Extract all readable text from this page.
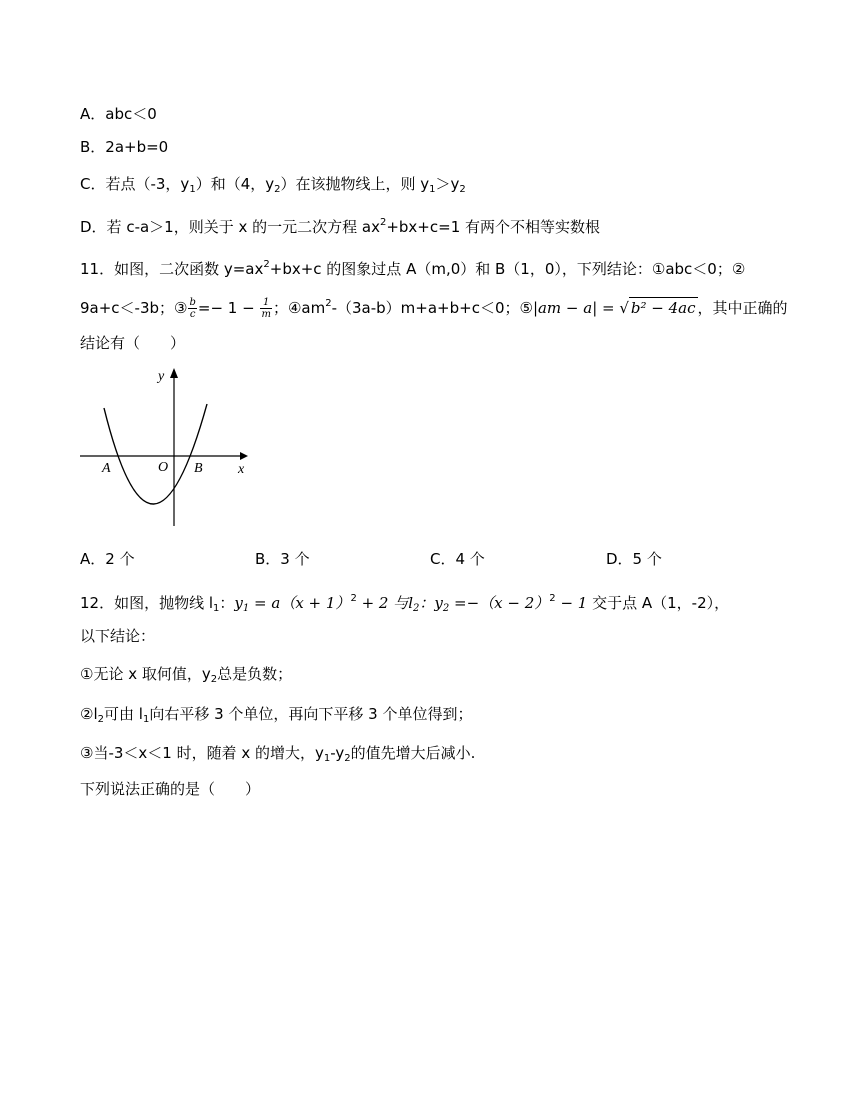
A．abc＜0
B．2a+b=0
C．若点（-3，$y_1$）和（4，$y_2$）在该抛物线上，则 $y_1>y_2$
D．若 c-a＞1，则关于 x 的一元二次方程 $ax^2+bx+c=1$ 有两个不相等实数根
11．如图，二次函数 $y=ax^2+bx+c$ 的图象过点 A（m,0）和 B（1，0），下列结论：①abc＜0；②
9a+c＜-3b；③ $\frac{b}{c} =- 1 - \frac{1}{m}$ ；$④am^2-(3a-b)m+a+b+c<0$；⑤|am − a| = √ b² − 4ac ，其中正确的
结论有（　　）
y
x
A	O B
A．2 个	B．3 个	C．4 个	D．5 个
12．如图，抛物线 $l_1$：$y_1 = a(x + 1)^2 + 2$ 与$l_2$：$y_2 =-(x - 2)^2 - 1$ 交于点 A（1，-2），
以下结论：
①无论 x 取何值，$y_2$总是负数；
$②l_2$可由 $l_1$向右平移 3 个单位，再向下平移 3 个单位得到；
③当-3＜x＜1 时，随着 x 的增大，$y_1-y_2$的值先增大后减小.
下列说法正确的是（　　）
